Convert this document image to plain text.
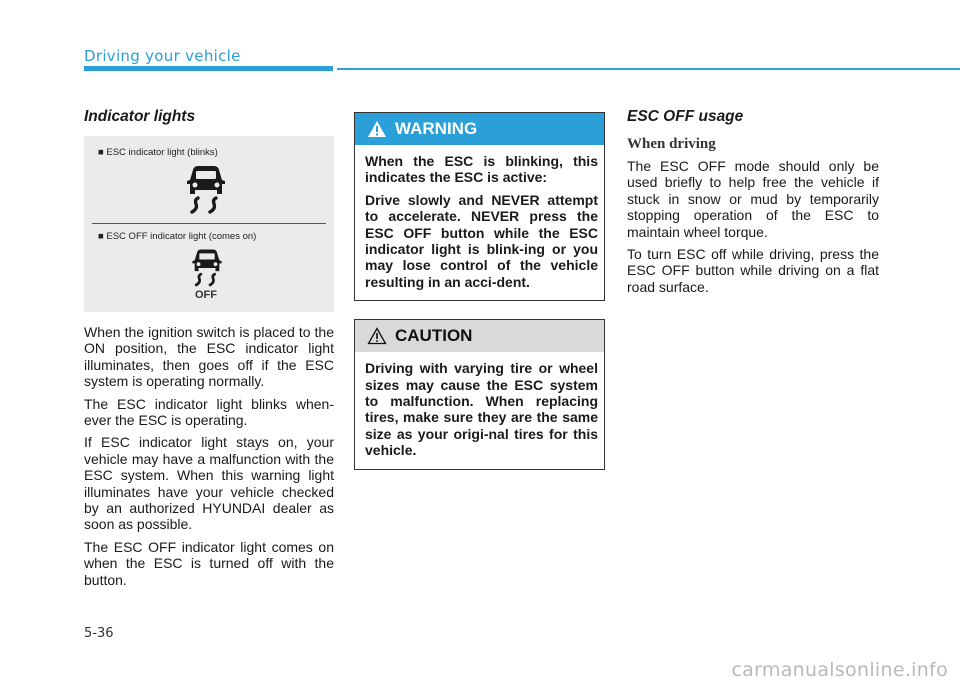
Driving your vehicle
Indicator lights
■ ESC indicator light (blinks)
■ ESC OFF indicator light (comes on)
OFF

When the ignition switch is placed to the ON position, the ESC indicator light illuminates, then goes off if the ESC system is operating normally.

The ESC indicator light blinks when-ever the ESC is operating.

If ESC indicator light stays on, your vehicle may have a malfunction with the ESC system. When this warning light illuminates have your vehicle checked by an authorized HYUNDAI dealer as soon as possible.

The ESC OFF indicator light comes on when the ESC is turned off with the button.

WARNING

When the ESC is blinking, this indicates the ESC is active:

Drive slowly and NEVER attempt to accelerate. NEVER press the ESC OFF button while the ESC indicator light is blink-ing or you may lose control of the vehicle resulting in an acci-dent.

CAUTION

Driving with varying tire or wheel sizes may cause the ESC system to malfunction. When replacing tires, make sure they are the same size as your origi-nal tires for this vehicle.

ESC OFF usage
When driving

The ESC OFF mode should only be used briefly to help free the vehicle if stuck in snow or mud by temporarily stopping operation of the ESC to maintain wheel torque.

To turn ESC off while driving, press the ESC OFF button while driving on a flat road surface.

5-36
carmanualsonline.info
